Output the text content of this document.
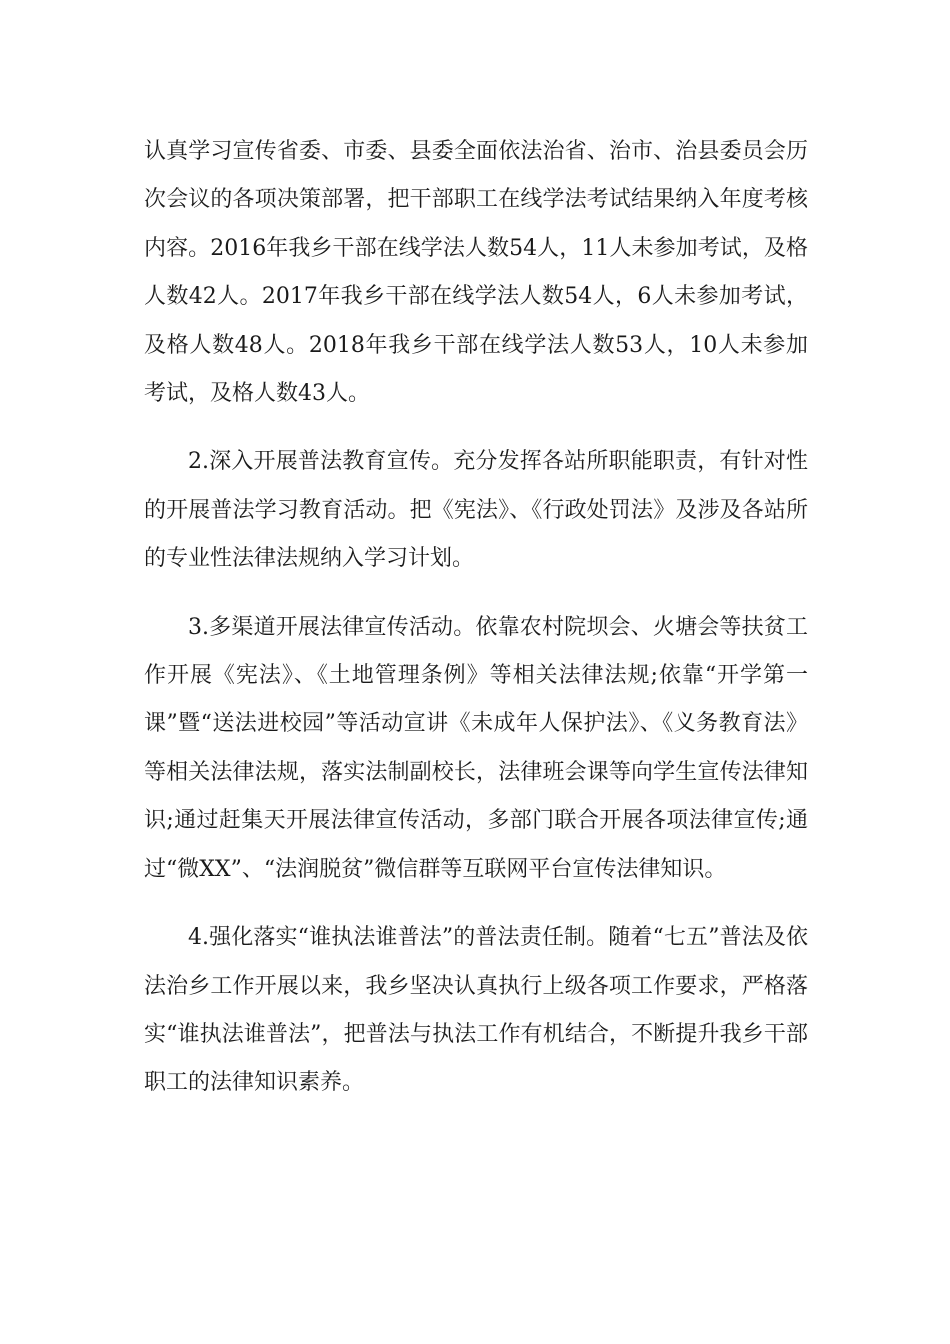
认真学习宣传省委、市委、县委全面依法治省、治市、治县委员会历次会议的各项决策部署，把干部职工在线学法考试结果纳入年度考核内容。2016年我乡干部在线学法人数54人，11人未参加考试，及格人数42人。2017年我乡干部在线学法人数54人，6人未参加考试，及格人数48人。2018年我乡干部在线学法人数53人，10人未参加考试，及格人数43人。

2.深入开展普法教育宣传。充分发挥各站所职能职责，有针对性的开展普法学习教育活动。把《宪法》、《行政处罚法》及涉及各站所的专业性法律法规纳入学习计划。

3.多渠道开展法律宣传活动。依靠农村院坝会、火塘会等扶贫工作开展《宪法》、《土地管理条例》等相关法律法规;依靠“开学第一课”暨“送法进校园”等活动宣讲《未成年人保护法》、《义务教育法》等相关法律法规，落实法制副校长，法律班会课等向学生宣传法律知识;通过赶集天开展法律宣传活动，多部门联合开展各项法律宣传;通过“微XX”、“法润脱贫”微信群等互联网平台宣传法律知识。

4.强化落实“谁执法谁普法”的普法责任制。随着“七五”普法及依法治乡工作开展以来，我乡坚决认真执行上级各项工作要求，严格落实“谁执法谁普法”，把普法与执法工作有机结合，不断提升我乡干部职工的法律知识素养。
